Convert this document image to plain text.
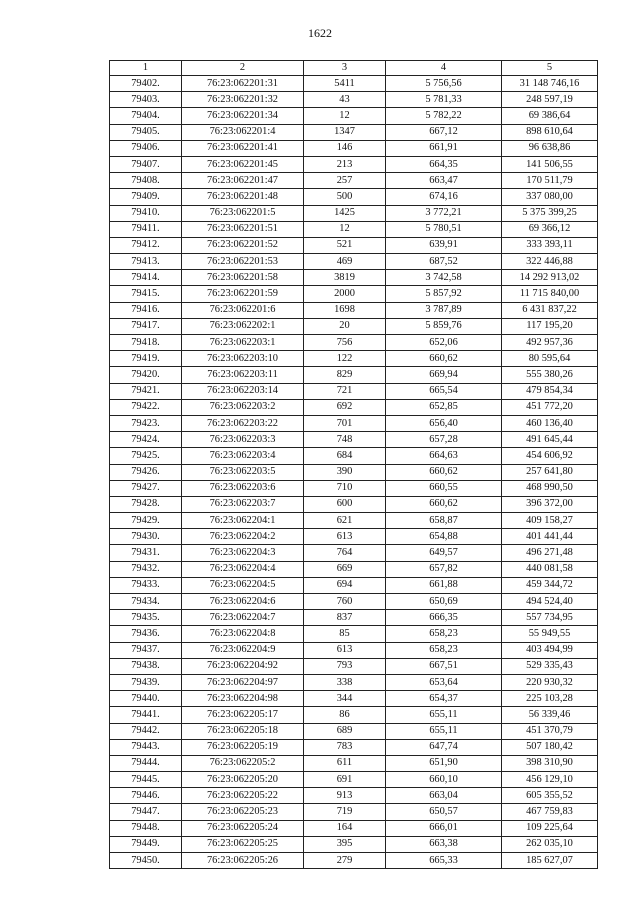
1622
1	2	3	4	5
79402.	76:23:062201:31	5411	5 756,56	31 148 746,16
79403.	76:23:062201:32	43	5 781,33	248 597,19
79404.	76:23:062201:34	12	5 782,22	69 386,64
79405.	76:23:062201:4	1347	667,12	898 610,64
79406.	76:23:062201:41	146	661,91	96 638,86
79407.	76:23:062201:45	213	664,35	141 506,55
79408.	76:23:062201:47	257	663,47	170 511,79
79409.	76:23:062201:48	500	674,16	337 080,00
79410.	76:23:062201:5	1425	3 772,21	5 375 399,25
79411.	76:23:062201:51	12	5 780,51	69 366,12
79412.	76:23:062201:52	521	639,91	333 393,11
79413.	76:23:062201:53	469	687,52	322 446,88
79414.	76:23:062201:58	3819	3 742,58	14 292 913,02
79415.	76:23:062201:59	2000	5 857,92	11 715 840,00
79416.	76:23:062201:6	1698	3 787,89	6 431 837,22
79417.	76:23:062202:1	20	5 859,76	117 195,20
79418.	76:23:062203:1	756	652,06	492 957,36
79419.	76:23:062203:10	122	660,62	80 595,64
79420.	76:23:062203:11	829	669,94	555 380,26
79421.	76:23:062203:14	721	665,54	479 854,34
79422.	76:23:062203:2	692	652,85	451 772,20
79423.	76:23:062203:22	701	656,40	460 136,40
79424.	76:23:062203:3	748	657,28	491 645,44
79425.	76:23:062203:4	684	664,63	454 606,92
79426.	76:23:062203:5	390	660,62	257 641,80
79427.	76:23:062203:6	710	660,55	468 990,50
79428.	76:23:062203:7	600	660,62	396 372,00
79429.	76:23:062204:1	621	658,87	409 158,27
79430.	76:23:062204:2	613	654,88	401 441,44
79431.	76:23:062204:3	764	649,57	496 271,48
79432.	76:23:062204:4	669	657,82	440 081,58
79433.	76:23:062204:5	694	661,88	459 344,72
79434.	76:23:062204:6	760	650,69	494 524,40
79435.	76:23:062204:7	837	666,35	557 734,95
79436.	76:23:062204:8	85	658,23	55 949,55
79437.	76:23:062204:9	613	658,23	403 494,99
79438.	76:23:062204:92	793	667,51	529 335,43
79439.	76:23:062204:97	338	653,64	220 930,32
79440.	76:23:062204:98	344	654,37	225 103,28
79441.	76:23:062205:17	86	655,11	56 339,46
79442.	76:23:062205:18	689	655,11	451 370,79
79443.	76:23:062205:19	783	647,74	507 180,42
79444.	76:23:062205:2	611	651,90	398 310,90
79445.	76:23:062205:20	691	660,10	456 129,10
79446.	76:23:062205:22	913	663,04	605 355,52
79447.	76:23:062205:23	719	650,57	467 759,83
79448.	76:23:062205:24	164	666,01	109 225,64
79449.	76:23:062205:25	395	663,38	262 035,10
79450.	76:23:062205:26	279	665,33	185 627,07
